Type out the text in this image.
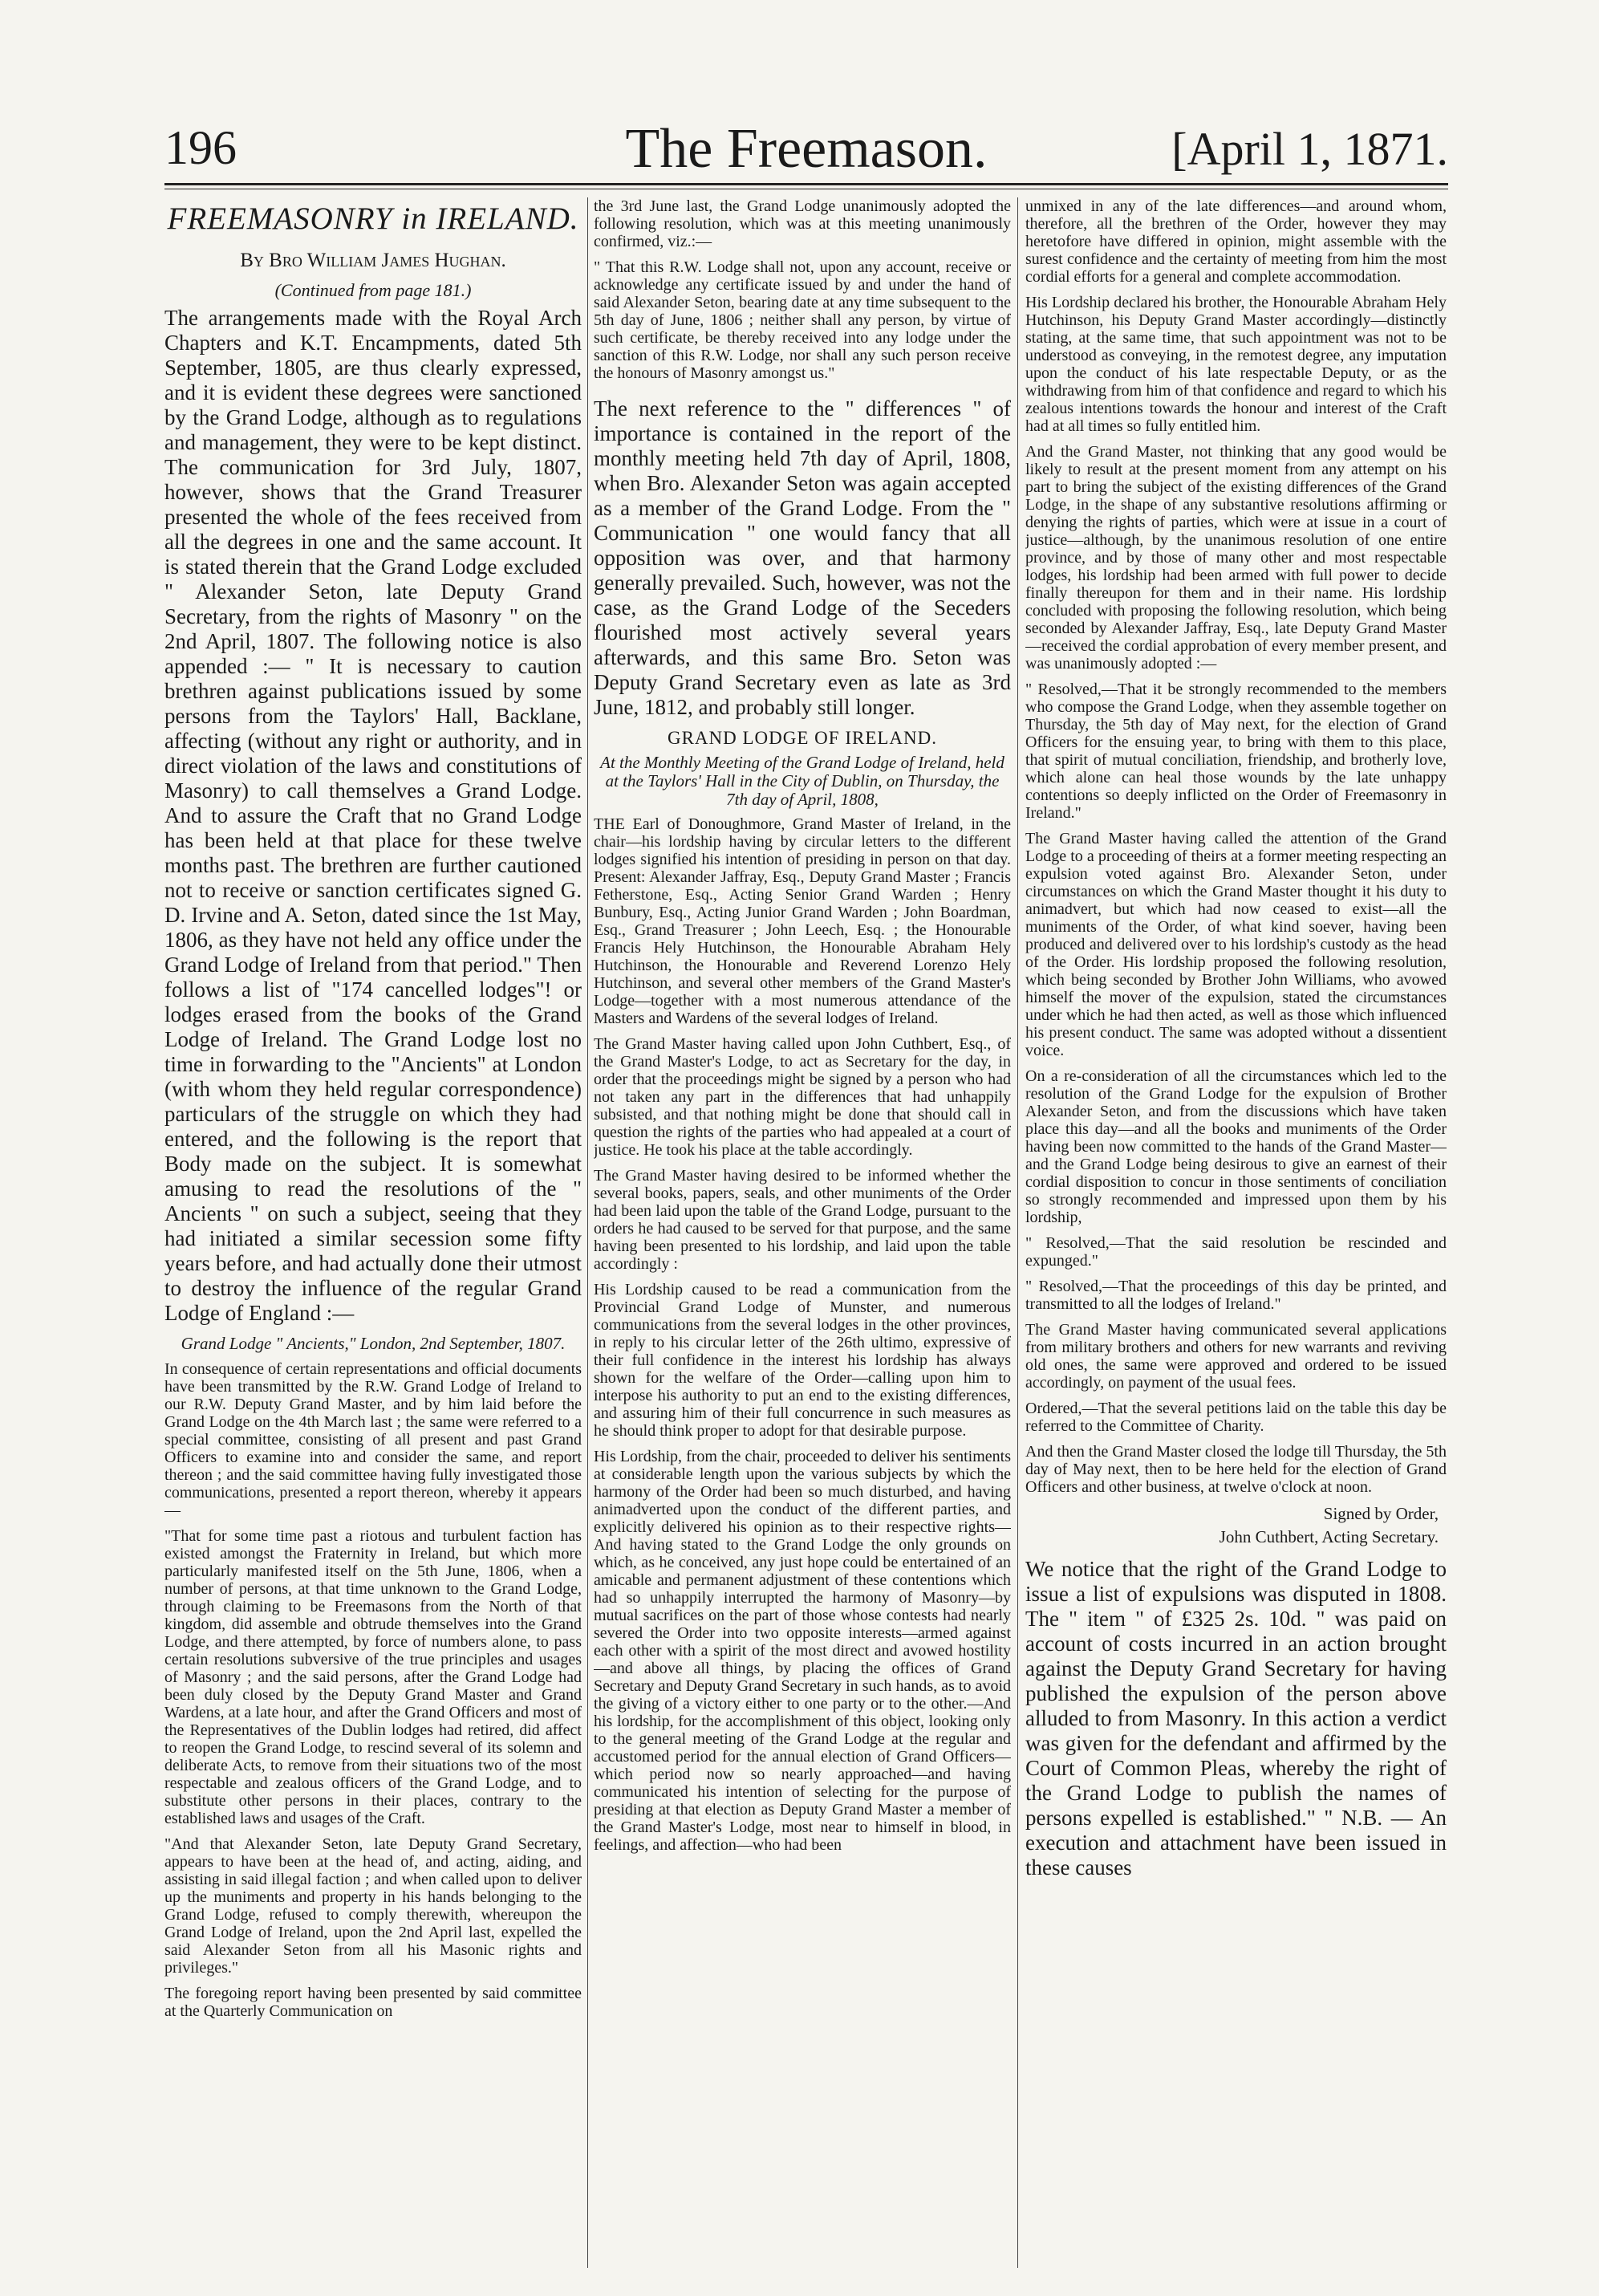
196	The Freemason.	[April 1, 1871.
FREEMASONRY in IRELAND.
By Bro William James Hughan.
(Continued from page 181.)

The arrangements made with the Royal Arch Chapters and K.T. Encampments, dated 5th September, 1805, are thus clearly expressed, and it is evident these degrees were sanctioned by the Grand Lodge, although as to regulations and management, they were to be kept distinct. The communication for 3rd July, 1807, however, shows that the Grand Treasurer presented the whole of the fees received from all the degrees in one and the same account. It is stated therein that the Grand Lodge excluded " Alexander Seton, late Deputy Grand Secretary, from the rights of Masonry " on the 2nd April, 1807. The following notice is also appended :— " It is necessary to caution brethren against publications issued by some persons from the Taylors' Hall, Backlane, affecting (without any right or authority, and in direct violation of the laws and constitutions of Masonry) to call themselves a Grand Lodge. And to assure the Craft that no Grand Lodge has been held at that place for these twelve months past. The brethren are further cautioned not to receive or sanction certificates signed G. D. Irvine and A. Seton, dated since the 1st May, 1806, as they have not held any office under the Grand Lodge of Ireland from that period." Then follows a list of "174 cancelled lodges"! or lodges erased from the books of the Grand Lodge of Ireland. The Grand Lodge lost no time in forwarding to the "Ancients" at London (with whom they held regular correspondence) particulars of the struggle on which they had entered, and the following is the report that Body made on the subject. It is somewhat amusing to read the resolutions of the " Ancients " on such a subject, seeing that they had initiated a similar secession some fifty years before, and had actually done their utmost to destroy the influence of the regular Grand Lodge of England :—

Grand Lodge " Ancients," London, 2nd September, 1807.

In consequence of certain representations and official documents have been transmitted by the R.W. Grand Lodge of Ireland to our R.W. Deputy Grand Master, and by him laid before the Grand Lodge on the 4th March last ; the same were referred to a special committee, consisting of all present and past Grand Officers to examine into and consider the same, and report thereon ; and the said committee having fully investigated those communications, presented a report thereon, whereby it appears—

"That for some time past a riotous and turbulent faction has existed amongst the Fraternity in Ireland, but which more particularly manifested itself on the 5th June, 1806, when a number of persons, at that time unknown to the Grand Lodge, through claiming to be Freemasons from the North of that kingdom, did assemble and obtrude themselves into the Grand Lodge, and there attempted, by force of numbers alone, to pass certain resolutions subversive of the true principles and usages of Masonry ; and the said persons, after the Grand Lodge had been duly closed by the Deputy Grand Master and Grand Wardens, at a late hour, and after the Grand Officers and most of the Representatives of the Dublin lodges had retired, did affect to reopen the Grand Lodge, to rescind several of its solemn and deliberate Acts, to remove from their situations two of the most respectable and zealous officers of the Grand Lodge, and to substitute other persons in their places, contrary to the established laws and usages of the Craft.

"And that Alexander Seton, late Deputy Grand Secretary, appears to have been at the head of, and acting, aiding, and assisting in said illegal faction ; and when called upon to deliver up the muniments and property in his hands belonging to the Grand Lodge, refused to comply therewith, whereupon the Grand Lodge of Ireland, upon the 2nd April last, expelled the said Alexander Seton from all his Masonic rights and privileges."

The foregoing report having been presented by said committee at the Quarterly Communication on

the 3rd June last, the Grand Lodge unanimously adopted the following resolution, which was at this meeting unanimously confirmed, viz.:—

" That this R.W. Lodge shall not, upon any account, receive or acknowledge any certificate issued by and under the hand of said Alexander Seton, bearing date at any time subsequent to the 5th day of June, 1806 ; neither shall any person, by virtue of such certificate, be thereby received into any lodge under the sanction of this R.W. Lodge, nor shall any such person receive the honours of Masonry amongst us."

The next reference to the " differences " of importance is contained in the report of the monthly meeting held 7th day of April, 1808, when Bro. Alexander Seton was again accepted as a member of the Grand Lodge. From the " Communication " one would fancy that all opposition was over, and that harmony generally prevailed. Such, however, was not the case, as the Grand Lodge of the Seceders flourished most actively several years afterwards, and this same Bro. Seton was Deputy Grand Secretary even as late as 3rd June, 1812, and probably still longer.

GRAND LODGE OF IRELAND.
At the Monthly Meeting of the Grand Lodge of Ireland, held at the Taylors' Hall in the City of Dublin, on Thursday, the 7th day of April, 1808,

THE Earl of Donoughmore, Grand Master of Ireland, in the chair—his lordship having by circular letters to the different lodges signified his intention of presiding in person on that day. Present: Alexander Jaffray, Esq., Deputy Grand Master ; Francis Fetherstone, Esq., Acting Senior Grand Warden ; Henry Bunbury, Esq., Acting Junior Grand Warden ; John Boardman, Esq., Grand Treasurer ; John Leech, Esq. ; the Honourable Francis Hely Hutchinson, the Honourable Abraham Hely Hutchinson, the Honourable and Reverend Lorenzo Hely Hutchinson, and several other members of the Grand Master's Lodge—together with a most numerous attendance of the Masters and Wardens of the several lodges of Ireland.

The Grand Master having called upon John Cuthbert, Esq., of the Grand Master's Lodge, to act as Secretary for the day, in order that the proceedings might be signed by a person who had not taken any part in the differences that had unhappily subsisted, and that nothing might be done that should call in question the rights of the parties who had appealed at a court of justice. He took his place at the table accordingly.

The Grand Master having desired to be informed whether the several books, papers, seals, and other muniments of the Order had been laid upon the table of the Grand Lodge, pursuant to the orders he had caused to be served for that purpose, and the same having been presented to his lordship, and laid upon the table accordingly :

His Lordship caused to be read a communication from the Provincial Grand Lodge of Munster, and numerous communications from the several lodges in the other provinces, in reply to his circular letter of the 26th ultimo, expressive of their full confidence in the interest his lordship has always shown for the welfare of the Order—calling upon him to interpose his authority to put an end to the existing differences, and assuring him of their full concurrence in such measures as he should think proper to adopt for that desirable purpose.

His Lordship, from the chair, proceeded to deliver his sentiments at considerable length upon the various subjects by which the harmony of the Order had been so much disturbed, and having animadverted upon the conduct of the different parties, and explicitly delivered his opinion as to their respective rights—And having stated to the Grand Lodge the only grounds on which, as he conceived, any just hope could be entertained of an amicable and permanent adjustment of these contentions which had so unhappily interrupted the harmony of Masonry—by mutual sacrifices on the part of those whose contests had nearly severed the Order into two opposite interests—armed against each other with a spirit of the most direct and avowed hostility—and above all things, by placing the offices of Grand Secretary and Deputy Grand Secretary in such hands, as to avoid the giving of a victory either to one party or to the other.—And his lordship, for the accomplishment of this object, looking only to the general meeting of the Grand Lodge at the regular and accustomed period for the annual election of Grand Officers—which period now so nearly approached—and having communicated his intention of selecting for the purpose of presiding at that election as Deputy Grand Master a member of the Grand Master's Lodge, most near to himself in blood, in feelings, and affection—who had been

unmixed in any of the late differences—and around whom, therefore, all the brethren of the Order, however they may heretofore have differed in opinion, might assemble with the surest confidence and the certainty of meeting from him the most cordial efforts for a general and complete accommodation.

His Lordship declared his brother, the Honourable Abraham Hely Hutchinson, his Deputy Grand Master accordingly—distinctly stating, at the same time, that such appointment was not to be understood as conveying, in the remotest degree, any imputation upon the conduct of his late respectable Deputy, or as the withdrawing from him of that confidence and regard to which his zealous intentions towards the honour and interest of the Craft had at all times so fully entitled him.

And the Grand Master, not thinking that any good would be likely to result at the present moment from any attempt on his part to bring the subject of the existing differences of the Grand Lodge, in the shape of any substantive resolutions affirming or denying the rights of parties, which were at issue in a court of justice—although, by the unanimous resolution of one entire province, and by those of many other and most respectable lodges, his lordship had been armed with full power to decide finally thereupon for them and in their name. His lordship concluded with proposing the following resolution, which being seconded by Alexander Jaffray, Esq., late Deputy Grand Master—received the cordial approbation of every member present, and was unanimously adopted :—

" Resolved,—That it be strongly recommended to the members who compose the Grand Lodge, when they assemble together on Thursday, the 5th day of May next, for the election of Grand Officers for the ensuing year, to bring with them to this place, that spirit of mutual conciliation, friendship, and brotherly love, which alone can heal those wounds by the late unhappy contentions so deeply inflicted on the Order of Freemasonry in Ireland."

The Grand Master having called the attention of the Grand Lodge to a proceeding of theirs at a former meeting respecting an expulsion voted against Bro. Alexander Seton, under circumstances on which the Grand Master thought it his duty to animadvert, but which had now ceased to exist—all the muniments of the Order, of what kind soever, having been produced and delivered over to his lordship's custody as the head of the Order. His lordship proposed the following resolution, which being seconded by Brother John Williams, who avowed himself the mover of the expulsion, stated the circumstances under which he had then acted, as well as those which influenced his present conduct. The same was adopted without a dissentient voice.

On a re-consideration of all the circumstances which led to the resolution of the Grand Lodge for the expulsion of Brother Alexander Seton, and from the discussions which have taken place this day—and all the books and muniments of the Order having been now committed to the hands of the Grand Master—and the Grand Lodge being desirous to give an earnest of their cordial disposition to concur in those sentiments of conciliation so strongly recommended and impressed upon them by his lordship,

" Resolved,—That the said resolution be rescinded and expunged."

" Resolved,—That the proceedings of this day be printed, and transmitted to all the lodges of Ireland."

The Grand Master having communicated several applications from military brothers and others for new warrants and reviving old ones, the same were approved and ordered to be issued accordingly, on payment of the usual fees.

Ordered,—That the several petitions laid on the table this day be referred to the Committee of Charity.

And then the Grand Master closed the lodge till Thursday, the 5th day of May next, then to be here held for the election of Grand Officers and other business, at twelve o'clock at noon.

Signed by Order,
John Cuthbert, Acting Secretary.

We notice that the right of the Grand Lodge to issue a list of expulsions was disputed in 1808. The " item " of £325 2s. 10d. " was paid on account of costs incurred in an action brought against the Deputy Grand Secretary for having published the expulsion of the person above alluded to from Masonry. In this action a verdict was given for the defendant and affirmed by the Court of Common Pleas, whereby the right of the Grand Lodge to publish the names of persons expelled is established." " N.B. — An execution and attachment have been issued in these causes
